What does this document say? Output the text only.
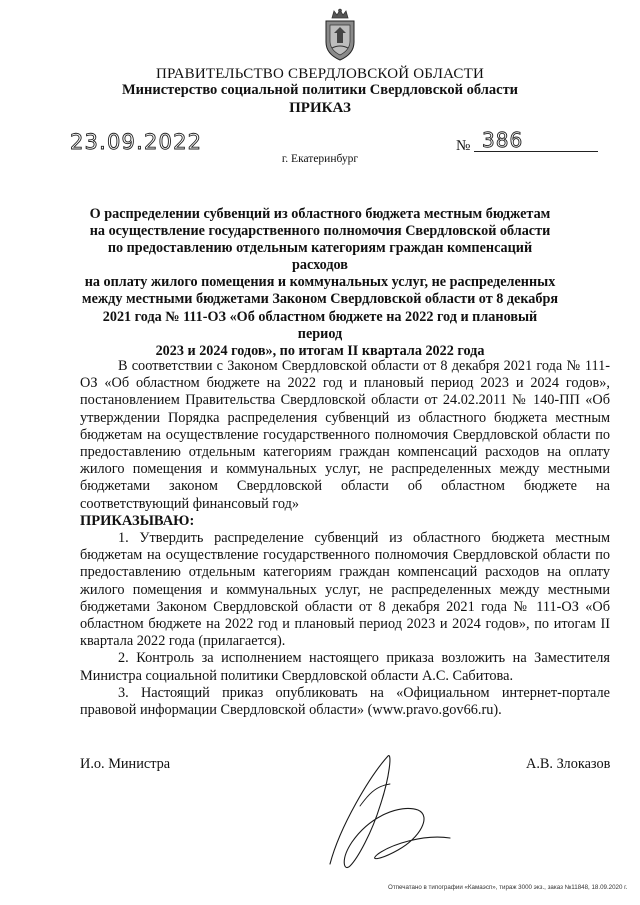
ПРАВИТЕЛЬСТВО СВЕРДЛОВСКОЙ ОБЛАСТИ

Министерство социальной политики Свердловской области

ПРИКАЗ

23.09.2022	№ 386
г. Екатеринбург
О распределении субвенций из областного бюджета местным бюджетам
на осуществление государственного полномочия Свердловской области
по предоставлению отдельным категориям граждан компенсаций расходов
на оплату жилого помещения и коммунальных услуг, не распределенных
между местными бюджетами Законом Свердловской области от 8 декабря
2021 года № 111-ОЗ «Об областном бюджете на 2022 год и плановый период
2023 и 2024 годов», по итогам II квартала 2022 года

В соответствии с Законом Свердловской области от 8 декабря 2021 года № 111-ОЗ «Об областном бюджете на 2022 год и плановый период 2023 и 2024 годов», постановлением Правительства Свердловской области от 24.02.2011 № 140-ПП «Об утверждении Порядка распределения субвенций из областного бюджета местным бюджетам на осуществление государственного полномочия Свердловской области по предоставлению отдельным категориям граждан компенсаций расходов на оплату жилого помещения и коммунальных услуг, не распределенных между местными бюджетами законом Свердловской области об областном бюджете на соответствующий финансовый год»

ПРИКАЗЫВАЮ:

1. Утвердить распределение субвенций из областного бюджета местным бюджетам на осуществление государственного полномочия Свердловской области по предоставлению отдельным категориям граждан компенсаций расходов на оплату жилого помещения и коммунальных услуг, не распределенных между местными бюджетами Законом Свердловской области от 8 декабря 2021 года № 111-ОЗ «Об областном бюджете на 2022 год и плановый период 2023 и 2024 годов», по итогам II квартала 2022 года (прилагается).

2. Контроль за исполнением настоящего приказа возложить на Заместителя Министра социальной политики Свердловской области А.С. Сабитова.

3. Настоящий приказ опубликовать на «Официальном интернет-портале правовой информации Свердловской области» (www.pravo.gov66.ru).

И.о. Министра	А.В. Злоказов
Отпечатано в типографии «Камаэсп», тираж 3000 экз., заказ №11848, 18.09.2020 г.
